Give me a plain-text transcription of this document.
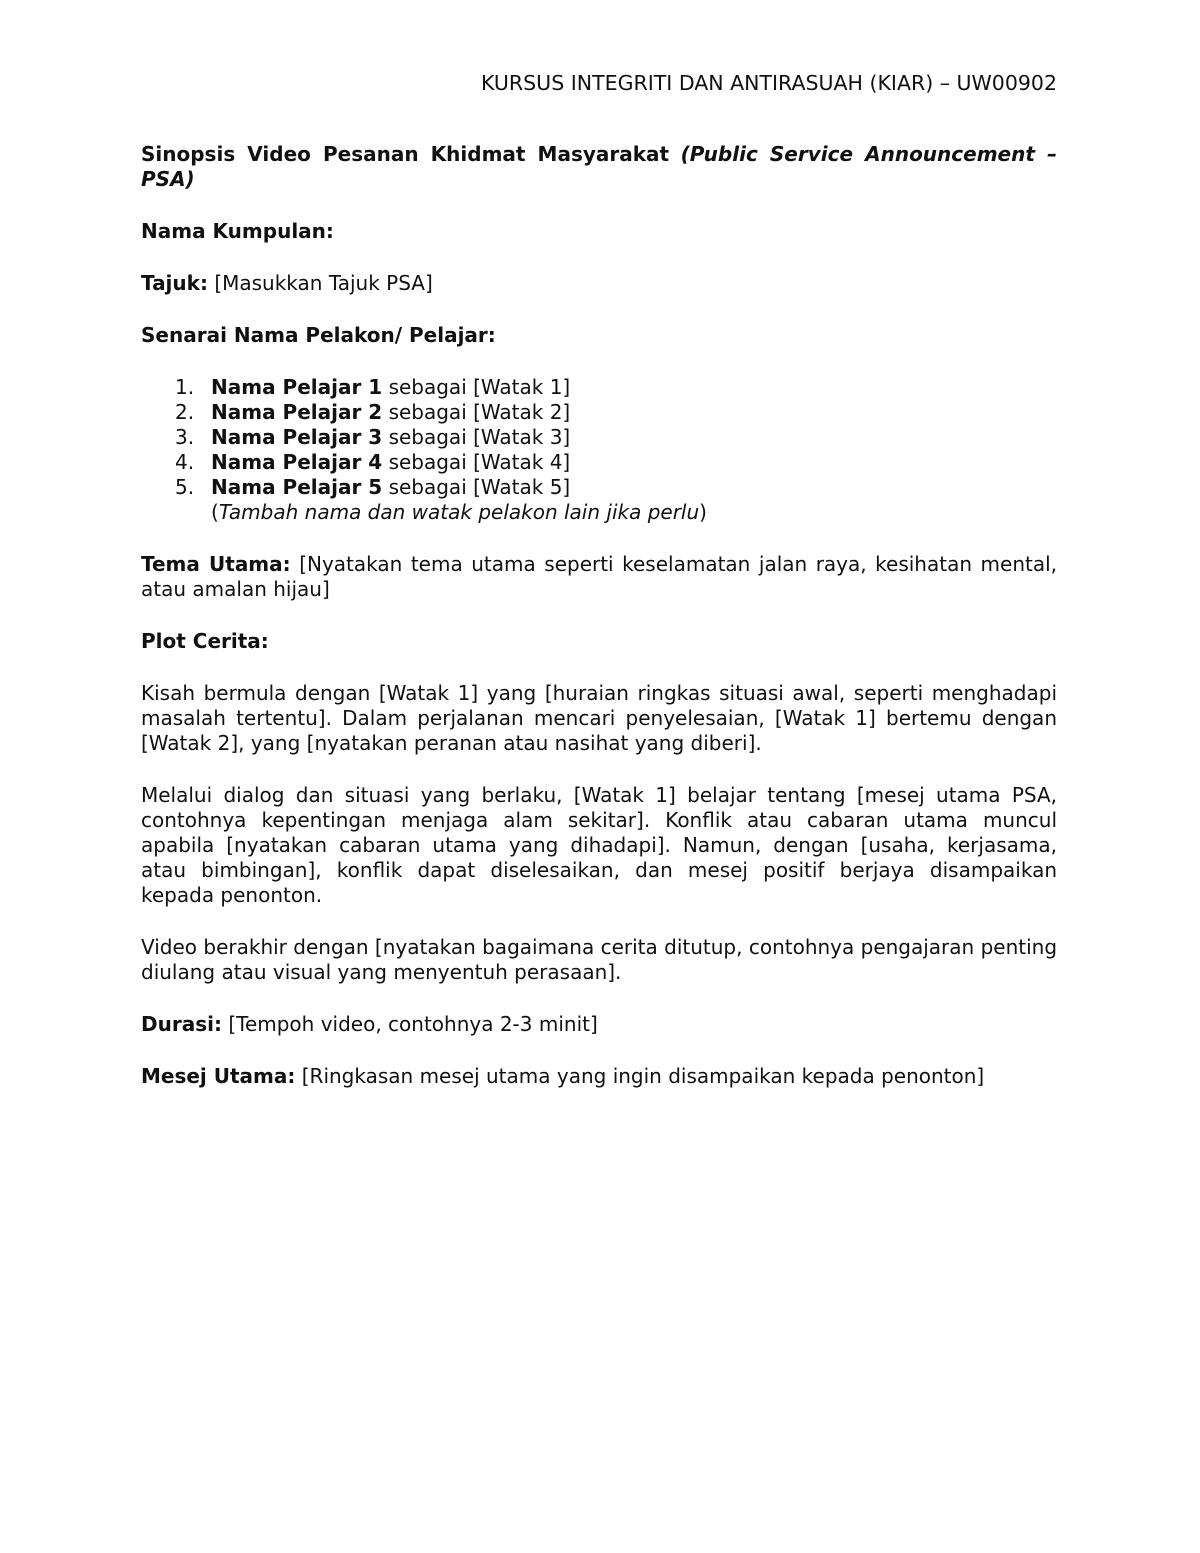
KURSUS INTEGRITI DAN ANTIRASUAH (KIAR) – UW00902

Sinopsis Video Pesanan Khidmat Masyarakat (Public Service Announcement – PSA)

Nama Kumpulan:

Tajuk: [Masukkan Tajuk PSA]

Senarai Nama Pelakon/ Pelajar:

1. Nama Pelajar 1 sebagai [Watak 1]
2. Nama Pelajar 2 sebagai [Watak 2]
3. Nama Pelajar 3 sebagai [Watak 3]
4. Nama Pelajar 4 sebagai [Watak 4]
5. Nama Pelajar 5 sebagai [Watak 5]
(Tambah nama dan watak pelakon lain jika perlu)

Tema Utama: [Nyatakan tema utama seperti keselamatan jalan raya, kesihatan mental, atau amalan hijau]

Plot Cerita:

Kisah bermula dengan [Watak 1] yang [huraian ringkas situasi awal, seperti menghadapi masalah tertentu]. Dalam perjalanan mencari penyelesaian, [Watak 1] bertemu dengan [Watak 2], yang [nyatakan peranan atau nasihat yang diberi].

Melalui dialog dan situasi yang berlaku, [Watak 1] belajar tentang [mesej utama PSA, contohnya kepentingan menjaga alam sekitar]. Konflik atau cabaran utama muncul apabila [nyatakan cabaran utama yang dihadapi]. Namun, dengan [usaha, kerjasama, atau bimbingan], konflik dapat diselesaikan, dan mesej positif berjaya disampaikan kepada penonton.

Video berakhir dengan [nyatakan bagaimana cerita ditutup, contohnya pengajaran penting diulang atau visual yang menyentuh perasaan].

Durasi: [Tempoh video, contohnya 2-3 minit]

Mesej Utama: [Ringkasan mesej utama yang ingin disampaikan kepada penonton]
